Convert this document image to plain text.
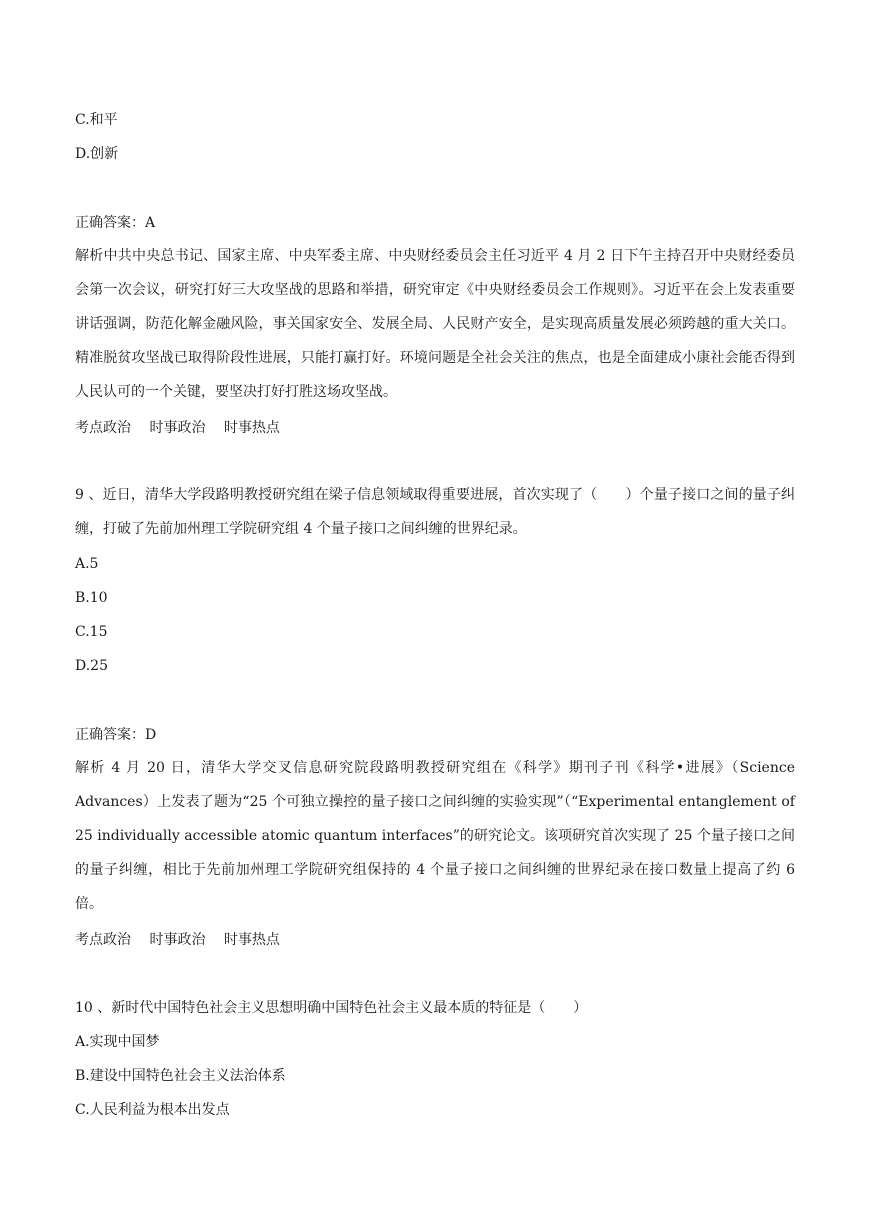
C.和平
D.创新
正确答案：A
解析中共中央总书记、国家主席、中央军委主席、中央财经委员会主任习近平 4 月 2 日下午主持召开中央财经委员会第一次会议，研究打好三大攻坚战的思路和举措，研究审定《中央财经委员会工作规则》。习近平在会上发表重要讲话强调，防范化解金融风险，事关国家安全、发展全局、人民财产安全，是实现高质量发展必须跨越的重大关口。精准脱贫攻坚战已取得阶段性进展，只能打赢打好。环境问题是全社会关注的焦点，也是全面建成小康社会能否得到人民认可的一个关键，要坚决打好打胜这场攻坚战。
考点政治 时事政治 时事热点
9 、近日，清华大学段路明教授研究组在梁子信息领域取得重要进展，首次实现了（　　）个量子接口之间的量子纠缠，打破了先前加州理工学院研究组 4 个量子接口之间纠缠的世界纪录。
A.5
B.10
C.15
D.25
正确答案：D
解析 4 月 20 日，清华大学交叉信息研究院段路明教授研究组在《科学》期刊子刊《科学•进展》（Science Advances）上发表了题为“25 个可独立操控的量子接口之间纠缠的实验实现”（“Experimental entanglement of 25 individually accessible atomic quantum interfaces”的研究论文。该项研究首次实现了 25 个量子接口之间的量子纠缠，相比于先前加州理工学院研究组保持的 4 个量子接口之间纠缠的世界纪录在接口数量上提高了约 6 倍。
考点政治 时事政治 时事热点
10 、新时代中国特色社会主义思想明确中国特色社会主义最本质的特征是（　　）
A.实现中国梦
B.建设中国特色社会主义法治体系
C.人民利益为根本出发点
